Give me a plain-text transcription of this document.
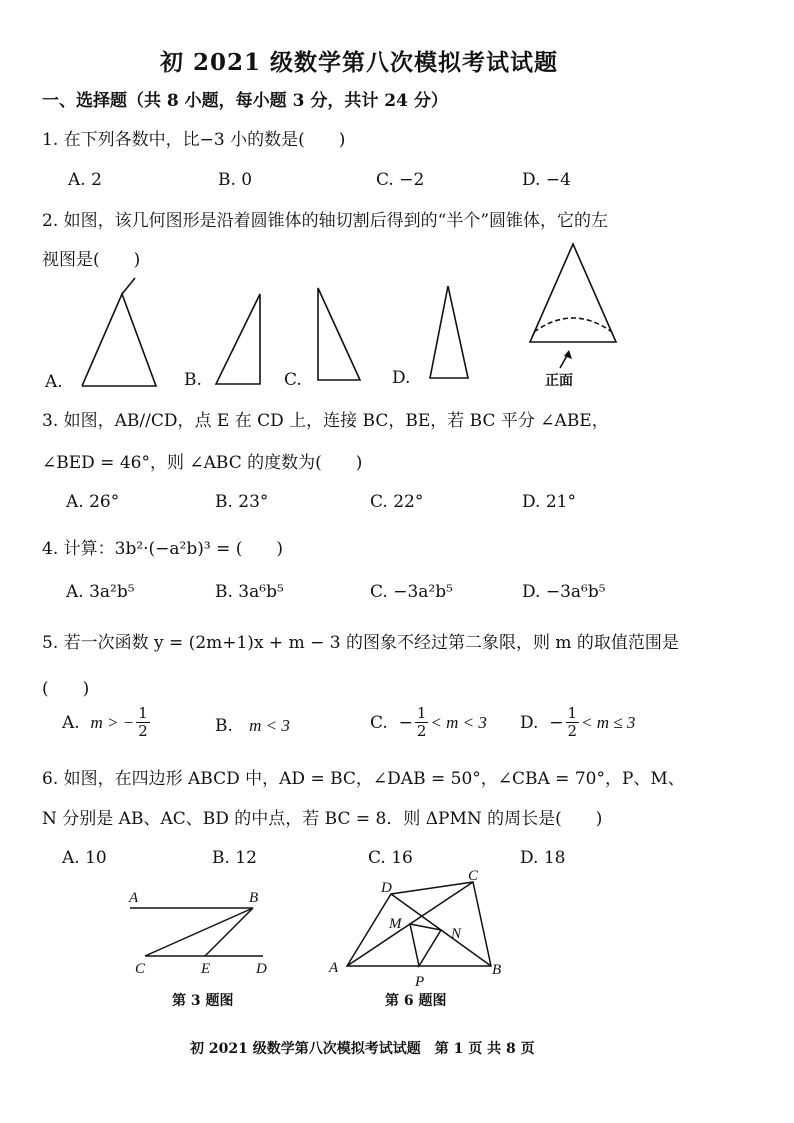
初 2021 级数学第八次模拟考试试题
一、选择题（共 8 小题，每小题 3 分，共计 24 分）
1. 在下列各数中，比−3 小的数是(　　)
A. 2	B. 0	C. −2	D. −4
2. 如图，该几何图形是沿着圆锥体的轴切割后得到的“半个”圆锥体，它的左
视图是(　　)
A.	B.	C.	D.	正面
3. 如图，AB//CD，点 E 在 CD 上，连接 BC，BE，若 BC 平分 ∠ABE，
∠BED = 46°，则 ∠ABC 的度数为(　　)
A. 26°	B. 23°	C. 22°	D. 21°
4. 计算：3b²·(−a²b)³ = (　　)
A. 3a²b⁵	B. 3a⁶b⁵	C. −3a²b⁵	D. −3a⁶b⁵
5. 若一次函数 y = (2m+1)x + m − 3 的图象不经过第二象限，则 m 的取值范围是
(　　)
A.
m > − $\frac{1}{2}$	B. m < 3	C.
− $\frac{1}{2} < m < 3$ D.
− $\frac{1}{2} < m \le 3$
6. 如图，在四边形 ABCD 中，AD = BC，∠DAB = 50°，∠CBA = 70°，P、M、
N 分别是 AB、AC、BD 的中点，若 BC = 8．则 ΔPMN 的周长是(　　)
A. 10	B. 12	C. 16	D. 18
A	B
C	E	D
第 3 题图
A	B
C
D
M
N
P
第 6 题图
初 2021 级数学第八次模拟考试试题　第 1 页 共 8 页
